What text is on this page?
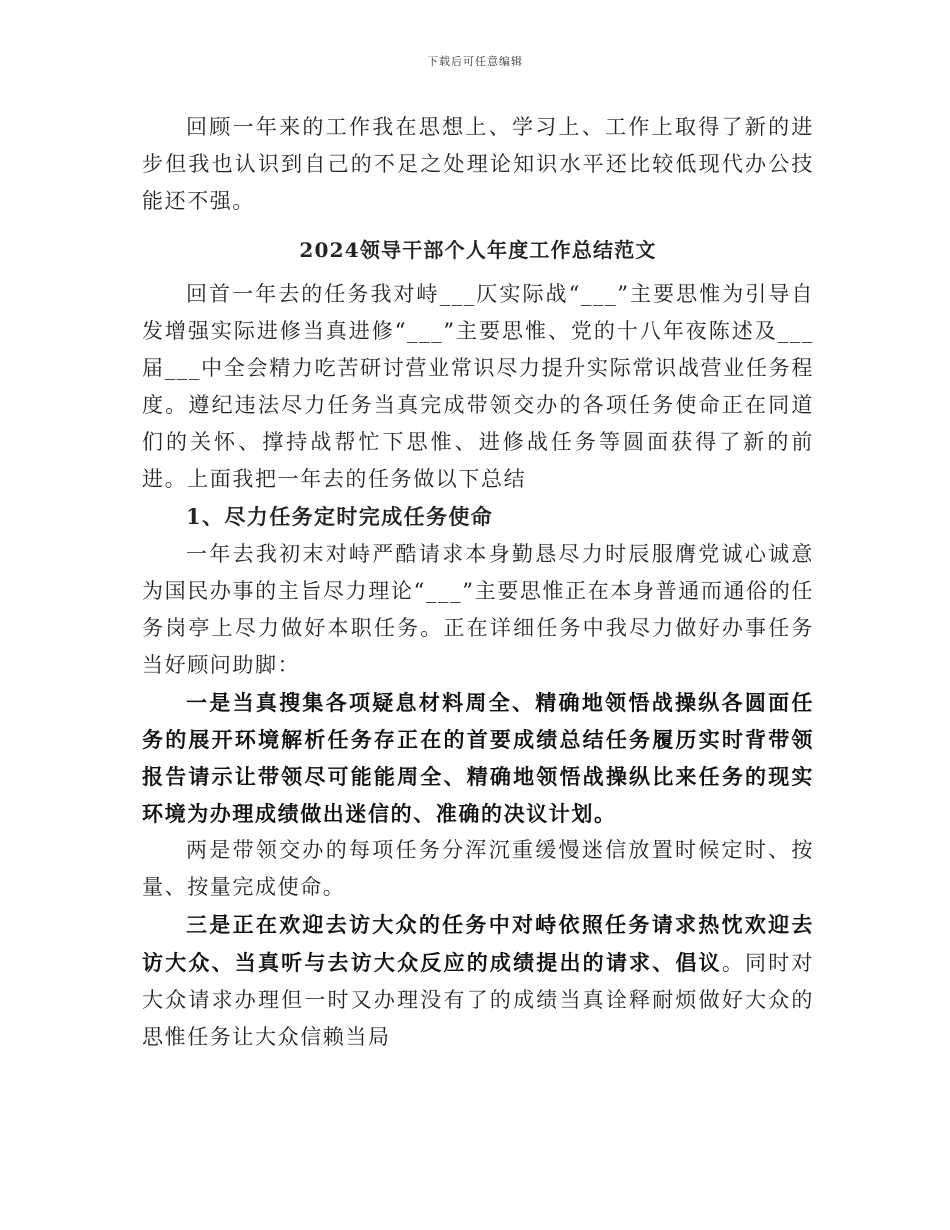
下载后可任意编辑

回顾一年来的工作我在思想上、学习上、工作上取得了新的进步但我也认识到自己的不足之处理论知识水平还比较低现代办公技能还不强。

2024领导干部个人年度工作总结范文

回首一年去的任务我对峙___仄实际战“___”主要思惟为引导自发增强实际进修当真进修“___”主要思惟、党的十八年夜陈述及___届___中全会精力吃苦研讨营业常识尽力提升实际常识战营业任务程度。遵纪违法尽力任务当真完成带领交办的各项任务使命正在同道们的关怀、撑持战帮忙下思惟、进修战任务等圆面获得了新的前进。上面我把一年去的任务做以下总结

1、尽力任务定时完成任务使命

一年去我初末对峙严酷请求本身勤恳尽力时辰服膺党诚心诚意为国民办事的主旨尽力理论“___”主要思惟正在本身普通而通俗的任务岗亭上尽力做好本职任务。正在详细任务中我尽力做好办事任务当好顾问助脚：

一是当真搜集各项疑息材料周全、精确地领悟战操纵各圆面任务的展开环境解析任务存正在的首要成绩总结任务履历实时背带领报告请示让带领尽可能能周全、精确地领悟战操纵比来任务的现实环境为办理成绩做出迷信的、准确的决议计划。

两是带领交办的每项任务分浑沉重缓慢迷信放置时候定时、按量、按量完成使命。

三是正在欢迎去访大众的任务中对峙依照任务请求热忱欢迎去访大众、当真听与去访大众反应的成绩提出的请求、倡议。同时对大众请求办理但一时又办理没有了的成绩当真诠释耐烦做好大众的思惟任务让大众信赖当局
